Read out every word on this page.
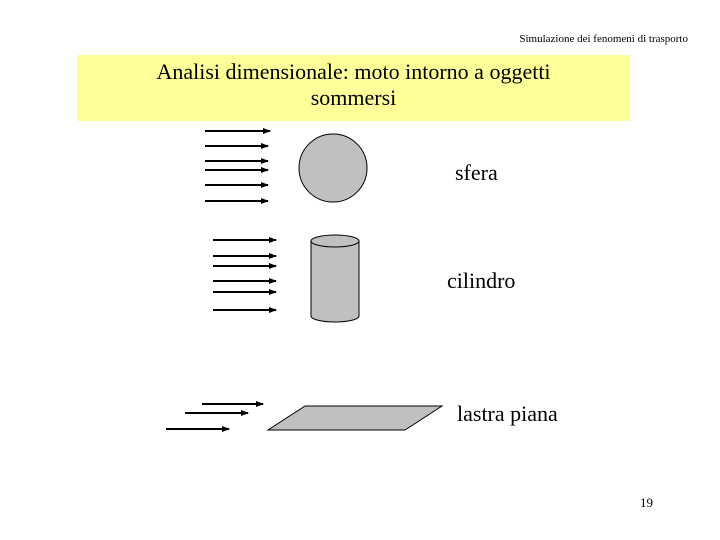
Simulazione dei fenomeni di trasporto
Analisi dimensionale: moto intorno a oggetti
sommersi
sfera
cilindro
lastra piana
19
